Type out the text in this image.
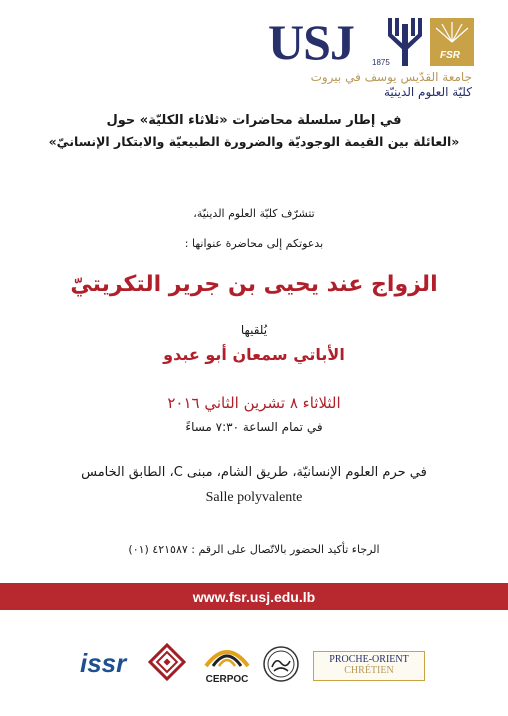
USJ 1875
FSR
جامعة القدّيس يوسف في بيروت
كليّة العلوم الدينيّة
في إطار سلسلة محاضرات «ثلاثاء الكليّة» حول
«العائلة بين القيمة الوجوديّة والضرورة الطبيعيّة والابتكار الإنسانيّ»
تتشرّف كليّة العلوم الدينيّة،
بدعوتكم إلى محاضرة عنوانها :
الزواج عند يحيى بن جرير التكريتيّ
يُلقيها
الأباتي سمعان أبو عبدو
الثلاثاء ٨ تشرين الثاني ٢٠١٦
في تمام الساعة ٧:٣٠ مساءً
في حرم العلوم الإنسانيّة، طريق الشام، مبنى C، الطابق الخامس
Salle polyvalente
الرجاء تأكيد الحضور بالاتّصال على الرقم : ٤٢١٥٨٧ (٠١)
www.fsr.usj.edu.lb
issr
CERPOC
PROCHE-ORIENT
CHRÉTIEN
